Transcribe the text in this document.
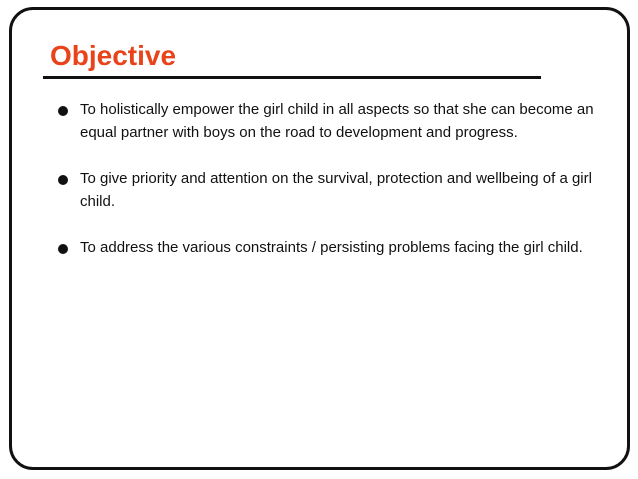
Objective
To holistically empower the girl child in all aspects so that she can become an equal partner with boys on the road to development and progress.
To give priority and attention on the survival, protection and wellbeing of a girl child.
To address the various constraints / persisting problems facing the girl child.
